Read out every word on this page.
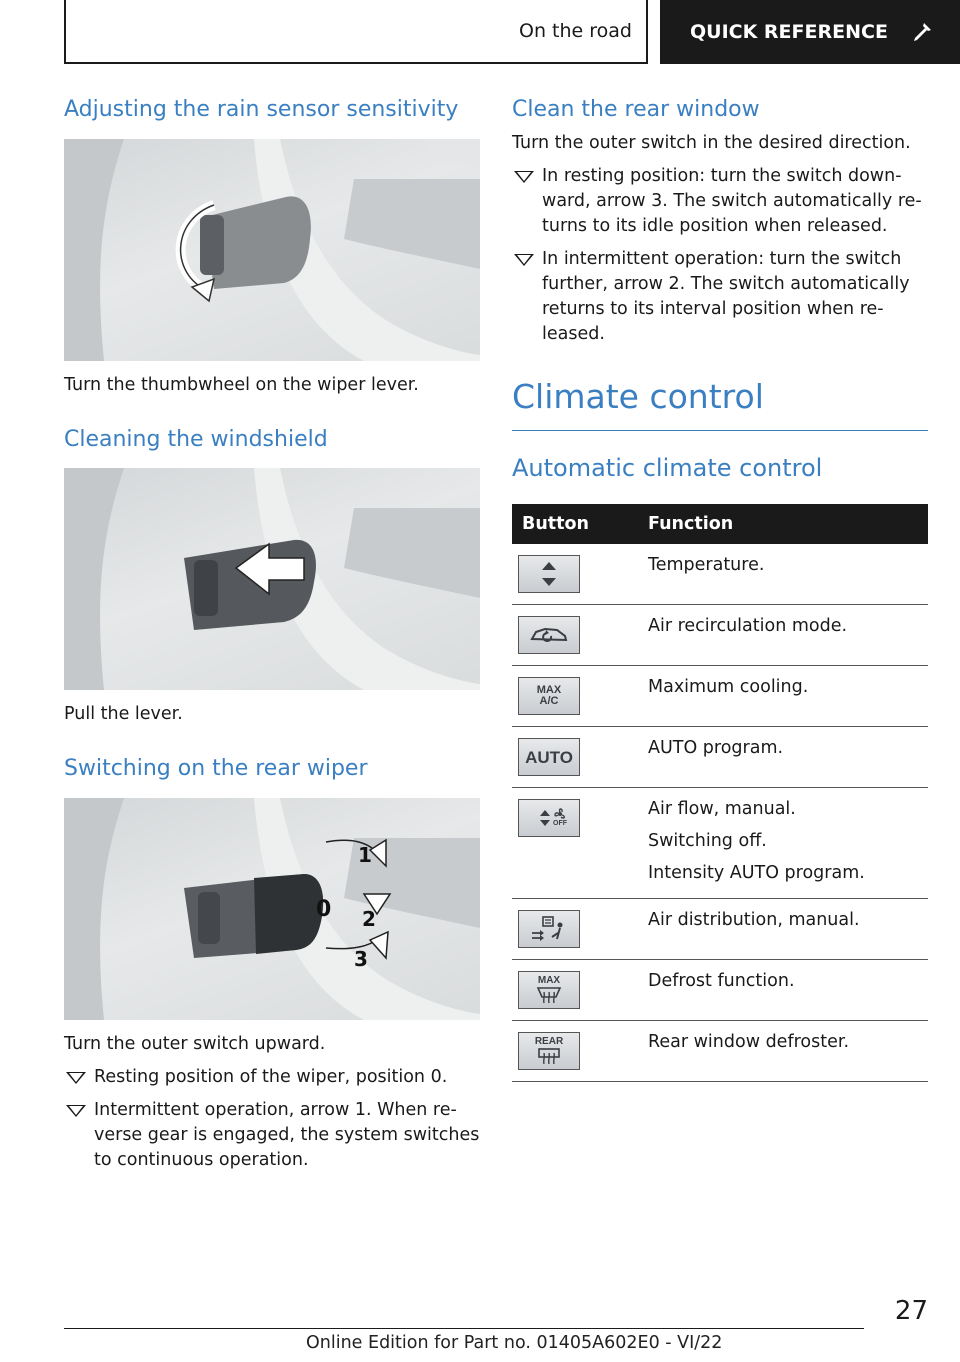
On the road	QUICK REFERENCE
Adjusting the rain sensor sensitivity

Turn the thumbwheel on the wiper lever.

Cleaning the windshield

Pull the lever.

Switching on the rear wiper
1
0 2
3

Turn the outer switch upward.

Resting position of the wiper, position 0.
Intermittent operation, arrow 1. When re-verse gear is engaged, the system switches to continuous operation.
Clean the rear window

Turn the outer switch in the desired direction.

In resting position: turn the switch down-ward, arrow 3. The switch automatically re-turns to its idle position when released.
In intermittent operation: turn the switch further, arrow 2. The switch automatically returns to its interval position when re-leased.
Climate control
Automatic climate control
Button	Function

Temperature.

Air recirculation mode.

MAX A/C	Maximum cooling.

AUTO	AUTO program.

OFF	Air flow, manual.
Switching off.
Intensity AUTO program.

Air distribution, manual.

MAX	Defrost function.

REAR	Rear window defroster.
27
Online Edition for Part no. 01405A602E0 - VI/22
